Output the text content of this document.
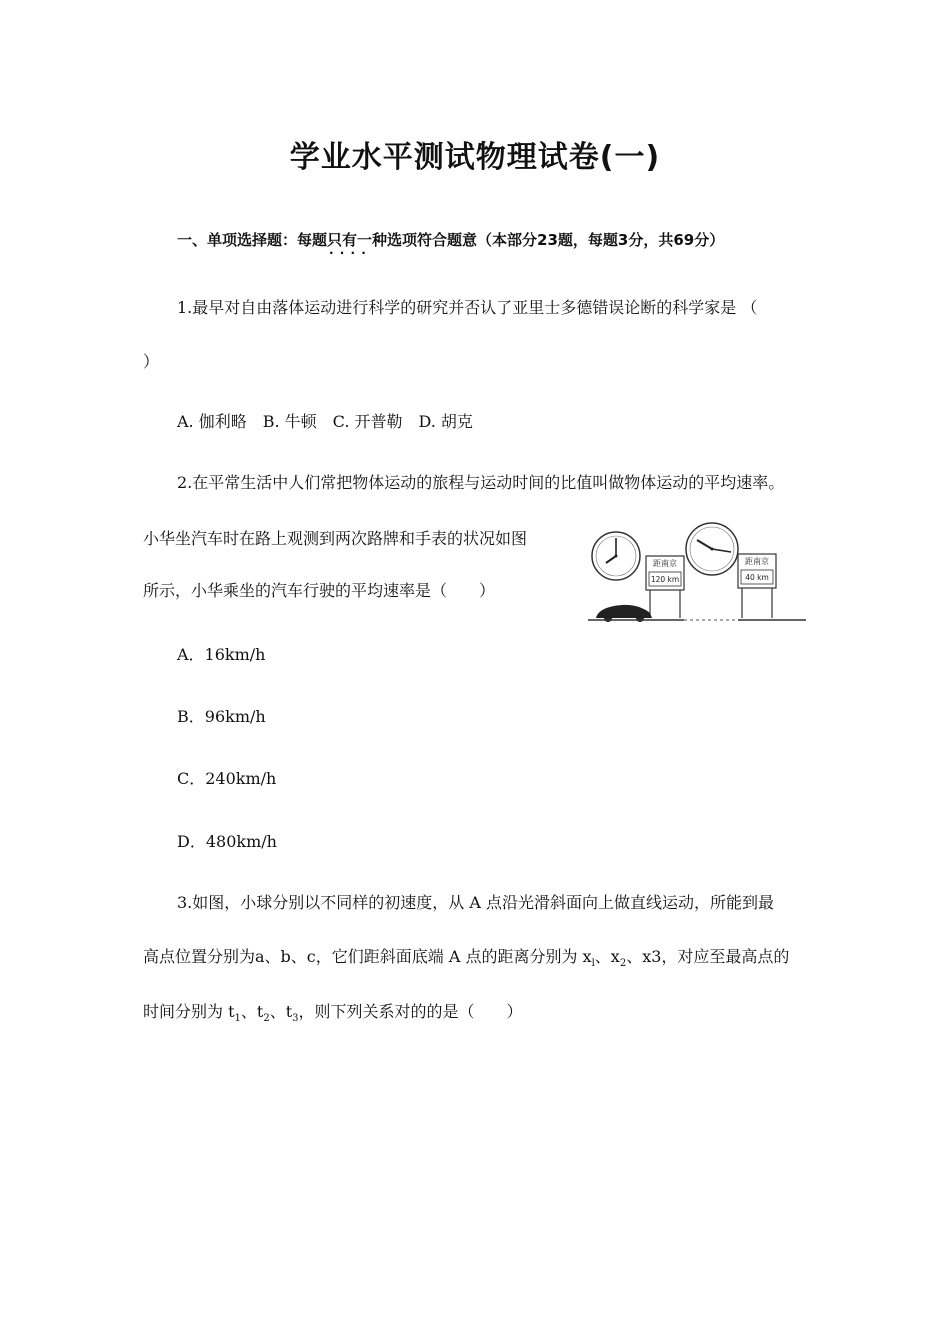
学业水平测试物理试卷(一)
一、单项选择题：每题只有一种 · · · ·选项符合题意（本部分23题，每题3分，共69分）
1.最早对自由落体运动进行科学的研究并否认了亚里士多德错误论断的科学家是 （
）
A. 伽利略　B. 牛顿　C. 开普勒　D. 胡克
2.在平常生活中人们常把物体运动的旅程与运动时间的比值叫做物体运动的平均速率。
小华坐汽车时在路上观测到两次路牌和手表的状况如图
所示，小华乘坐的汽车行驶的平均速率是（　　）
距南京
120 km
距南京
40 km
A．16km/h
B．96km/h
C．240km/h
D．480km/h
3.如图，小球分别以不同样的初速度，从 A 点沿光滑斜面向上做直线运动，所能到最
高点位置分别为a、b、c，它们距斜面底端 A 点的距离分别为 $x_l$、$x_2$、x3，对应至最高点的
时间分别为 $t_1$、$t_2$、$t_3$，则下列关系对的的是（　　）
